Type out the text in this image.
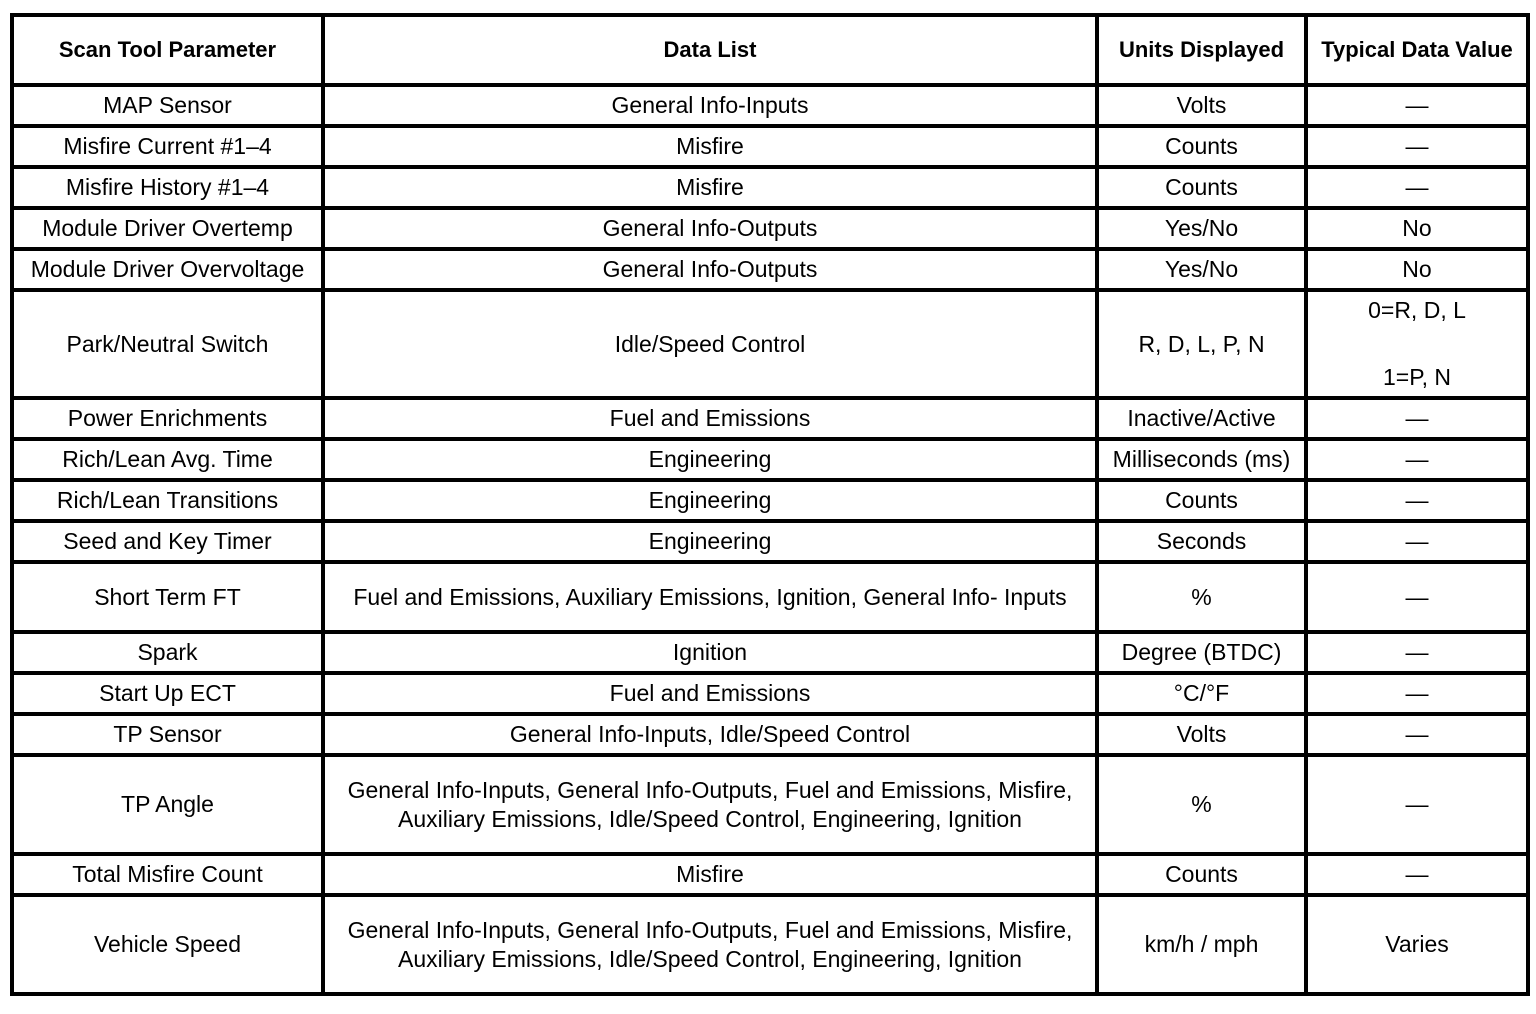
Scan Tool Parameter	Data List	Units Displayed	Typical Data Value
MAP Sensor	General Info-Inputs	Volts	—
Misfire Current #1–4	Misfire	Counts	—
Misfire History #1–4	Misfire	Counts	—
Module Driver Overtemp	General Info-Outputs	Yes/No	No
Module Driver Overvoltage	General Info-Outputs	Yes/No	No
Park/Neutral Switch	Idle/Speed Control	R, D, L, P, N	0=R, D, L
1=P, N
Power Enrichments	Fuel and Emissions	Inactive/Active	—
Rich/Lean Avg. Time	Engineering	Milliseconds (ms)	—
Rich/Lean Transitions	Engineering	Counts	—
Seed and Key Timer	Engineering	Seconds	—
Short Term FT	Fuel and Emissions, Auxiliary Emissions, Ignition, General Info- Inputs	%	—
Spark	Ignition	Degree (BTDC)	—
Start Up ECT	Fuel and Emissions	°C/°F	—
TP Sensor	General Info-Inputs, Idle/Speed Control	Volts	—
TP Angle	General Info-Inputs, General Info-Outputs, Fuel and Emissions, Misfire, Auxiliary Emissions, Idle/Speed Control, Engineering, Ignition	%	—
Total Misfire Count	Misfire	Counts	—
Vehicle Speed	General Info-Inputs, General Info-Outputs, Fuel and Emissions, Misfire, Auxiliary Emissions, Idle/Speed Control, Engineering, Ignition	km/h / mph	Varies
